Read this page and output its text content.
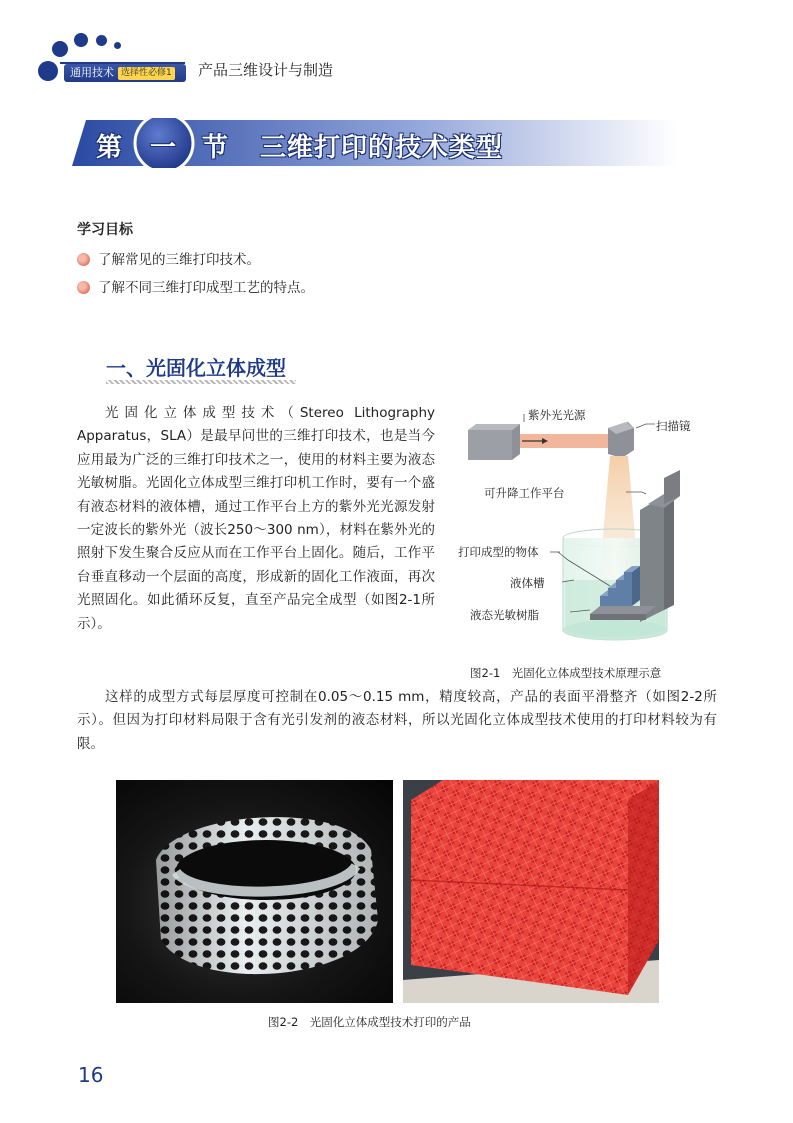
通用技术 选择性必修1	产品三维设计与制造
第 一 节 三维打印的技术类型
学习目标
了解常见的三维打印技术。
了解不同三维打印成型工艺的特点。
一、光固化立体成型
光固化立体成型技术（Stereo Lithography Apparatus，SLA）是最早问世的三维打印技术，也是当今应用最为广泛的三维打印技术之一，使用的材料主要为液态光敏树脂。光固化立体成型三维打印机工作时，要有一个盛有液态材料的液体槽，通过工作平台上方的紫外光光源发射一定波长的紫外光（波长250～300 nm），材料在紫外光的照射下发生聚合反应从而在工作平台上固化。随后，工作平台垂直移动一个层面的高度，形成新的固化工作液面，再次光照固化。如此循环反复，直至产品完全成型（如图2-1所示）。
这样的成型方式每层厚度可控制在0.05～0.15 mm，精度较高，产品的表面平滑整齐（如图2-2所示）。但因为打印材料局限于含有光引发剂的液态材料，所以光固化立体成型技术使用的打印材料较为有限。
紫外光光源
扫描镜
可升降工作平台
打印成型的物体
液体槽
液态光敏树脂
图2-1　光固化立体成型技术原理示意
图2-2　光固化立体成型技术打印的产品
16
